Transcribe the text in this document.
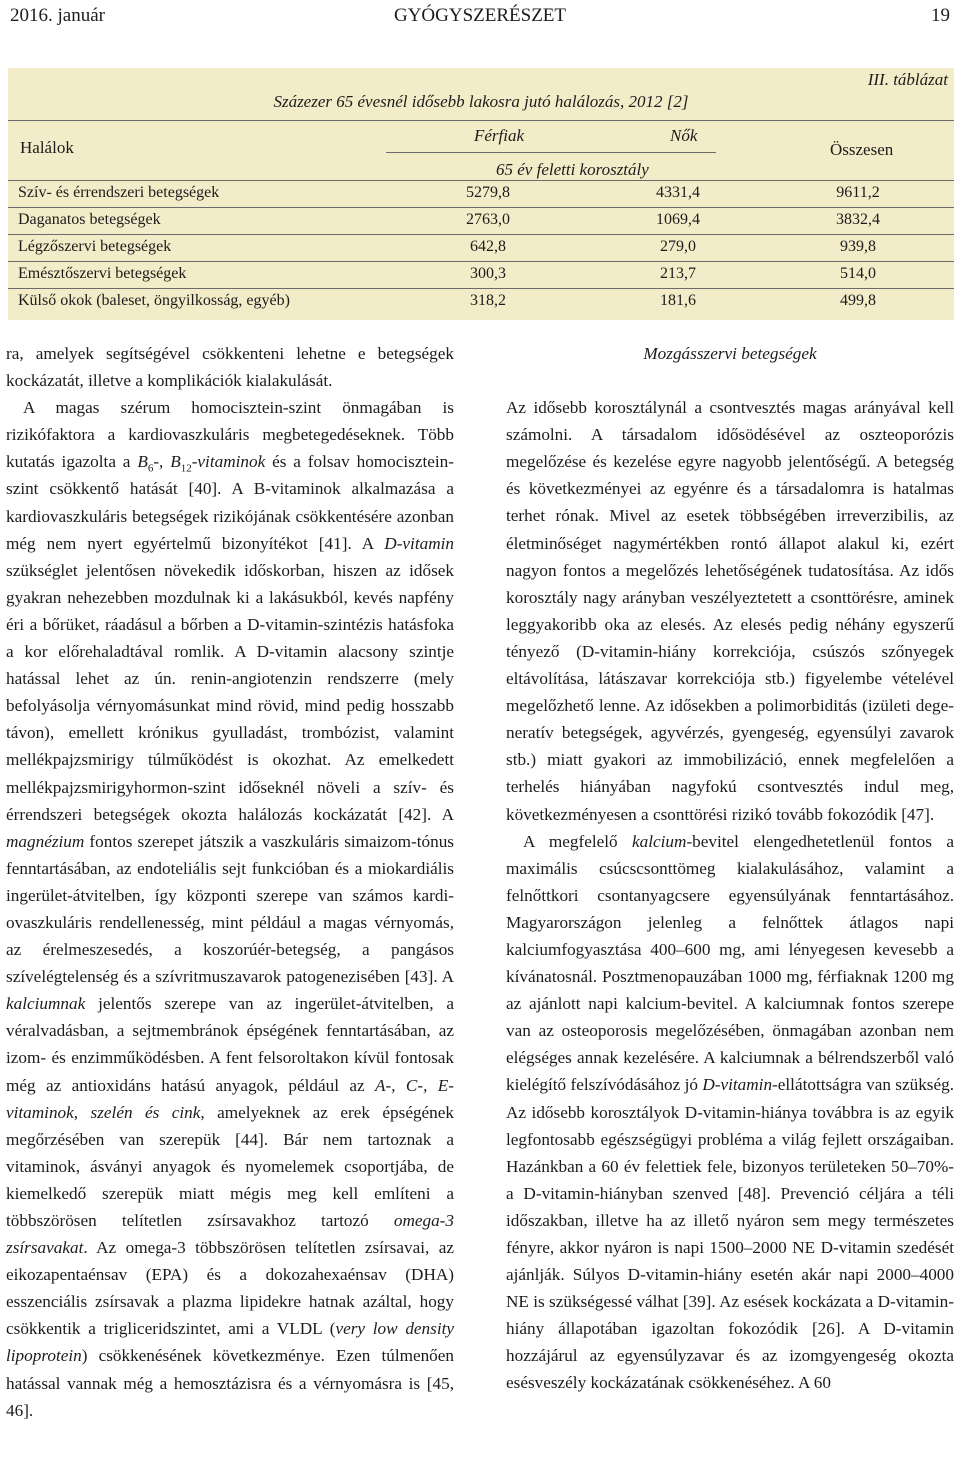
2016. január	GYÓGYSZERÉSZET	19
III. táblázat
Százezer 65 évesnél idősebb lakosra jutó halálozás, 2012 [2]
Halálok
Férfiak	Nők
Összesen
65 év feletti korosztály
Szív- és érrendszeri betegségek	5279,8	4331,4	9611,2
Daganatos betegségek	2763,0	1069,4	3832,4
Légzőszervi betegségek	642,8	279,0	939,8
Emésztőszervi betegségek	300,3	213,7	514,0
Külső okok (baleset, öngyilkosság, egyéb)	318,2	181,6	499,8

ra, amelyek segítségével csökkenteni lehetne e betegségek kockázatát, illetve a komplikációk kialakulását.

A magas szérum homocisztein-szint önmagában is rizikófaktora a kardiovaszkuláris megbetegedéseknek. Több kutatás igazolta a $B_6-$, $B_{12}$-vitaminok és a folsav homocisztein-szint csökkentő hatását [40]. A B-vitaminok alkalmazása a kardiovaszkuláris betegségek rizikójának csökkentésére azonban még nem nyert egyértelmű bizonyítékot [41]. A D-vitamin szükséglet jelentősen növekedik időskorban, hiszen az idősek gyakran nehezebben mozdulnak ki a lakásukból, kevés napfény éri a bőrüket, ráadásul a bőrben a D-vitamin-szintézis hatásfoka a kor előrehaladtával romlik. A D-vitamin alacsony szintje hatással lehet az ún. renin-angiotenzin rendszerre (mely befolyásolja vérnyomásunkat mind rövid, mind pedig hosszabb távon), emellett krónikus gyulladást, trombózist, valamint mellékpajzsmirigy túlműködést is okozhat. Az emelkedett mellékpajzsmirigyhormon-szint időseknél növeli a szív- és érrendszeri betegségek okozta halálozás kockázatát [42]. A magnézium fontos szerepet játszik a vaszkuláris simaizom-tónus fenntartásában, az endoteliális sejt funkcióban és a miokardiális ingerület-átvitelben, így központi szerepe van számos kardiovaszkuláris rendellenesség, mint például a magas vérnyomás, az érelmeszesedés, a koszorúér-betegség, a pangásos szívelégtelenség és a szívritmuszavarok patogenezisében [43]. A kalciumnak jelentős szerepe van az ingerület-átvitelben, a véralvadásban, a sejtmembránok épségének fenntartásában, az izom- és enzimműködésben. A fent felsoroltakon kívül fontosak még az antioxidáns hatású anyagok, például az A-, C-, E-vitaminok, szelén és cink, amelyeknek az erek épségének megőrzésében van szerepük [44]. Bár nem tartoznak a vitaminok, ásványi anyagok és nyomelemek csoportjába, de kiemelkedő szerepük miatt mégis meg kell említeni a többszörösen telítetlen zsírsavakhoz tartozó omega-3 zsírsavakat. Az omega-3 többszörösen telítetlen zsírsavai, az eikozapentaénsav (EPA) és a dokozahexaénsav (DHA) esszenciális zsírsavak a plazma lipidekre hatnak azáltal, hogy csökkentik a trigliceridszintet, ami a VLDL (very low density lipoprotein) csökkenésének következménye. Ezen túlmenően hatással vannak még a hemosztázisra és a vérnyomásra is [45, 46].

Mozgásszervi betegségek

Az idősebb korosztálynál a csontvesztés magas arányával kell számolni. A társadalom idősödésével az oszteoporózis megelőzése és kezelése egyre nagyobb jelentőségű. A betegség és következményei az egyénre és a társadalomra is hatalmas terhet rónak. Mivel az esetek többségében irreverzibilis, az életminőséget nagymértékben rontó állapot alakul ki, ezért nagyon fontos a megelőzés lehetőségének tudatosítása. Az idős korosztály nagy arányban veszélyeztetett a csonttörésre, aminek leggyakoribb oka az elesés. Az elesés pedig néhány egyszerű tényező (D-vitamin-hiány korrekciója, csúszós szőnyegek eltávolítása, látászavar korrekciója stb.) figyelembe vételével megelőzhető lenne. Az idősekben a polimorbiditás (izületi degeneratív betegségek, agyvérzés, gyengeség, egyensúlyi zavarok stb.) miatt gyakori az immobilizáció, ennek megfelelően a terhelés hiányában nagyfokú csontvesztés indul meg, következményesen a csonttörési rizikó tovább fokozódik [47].

A megfelelő kalcium-bevitel elengedhetetlenül fontos a maximális csúcscsonttömeg kialakulásához, valamint a felnőttkori csontanyagcsere egyensúlyának fenntartásához. Magyarországon jelenleg a felnőttek átlagos napi kalciumfogyasztása 400–600 mg, ami lényegesen kevesebb a kívánatosnál. Posztmenopauzában 1000 mg, férfiaknak 1200 mg az ajánlott napi kalcium-bevitel. A kalciumnak fontos szerepe van az osteoporosis megelőzésében, önmagában azonban nem elégséges annak kezelésére. A kalciumnak a bélrendszerből való kielégítő felszívódásához jó D-vitamin-ellátottságra van szükség. Az idősebb korosztályok D-vitamin-hiánya továbbra is az egyik legfontosabb egészségügyi probléma a világ fejlett országaiban. Hazánkban a 60 év felettiek fele, bizonyos területeken 50–70%-a D-vitamin-hiányban szenved [48]. Prevenció céljára a téli időszakban, illetve ha az illető nyáron sem megy természetes fényre, akkor nyáron is napi 1500–2000 NE D-vitamin szedését ajánlják. Súlyos D-vitamin-hiány esetén akár napi 2000–4000 NE is szükségessé válhat [39]. Az esések kockázata a D-vitamin-hiány állapotában igazoltan fokozódik [26]. A D-vitamin hozzájárul az egyensúlyzavar és az izomgyengeség okozta esésveszély kockázatának csökkenéséhez. A 60
